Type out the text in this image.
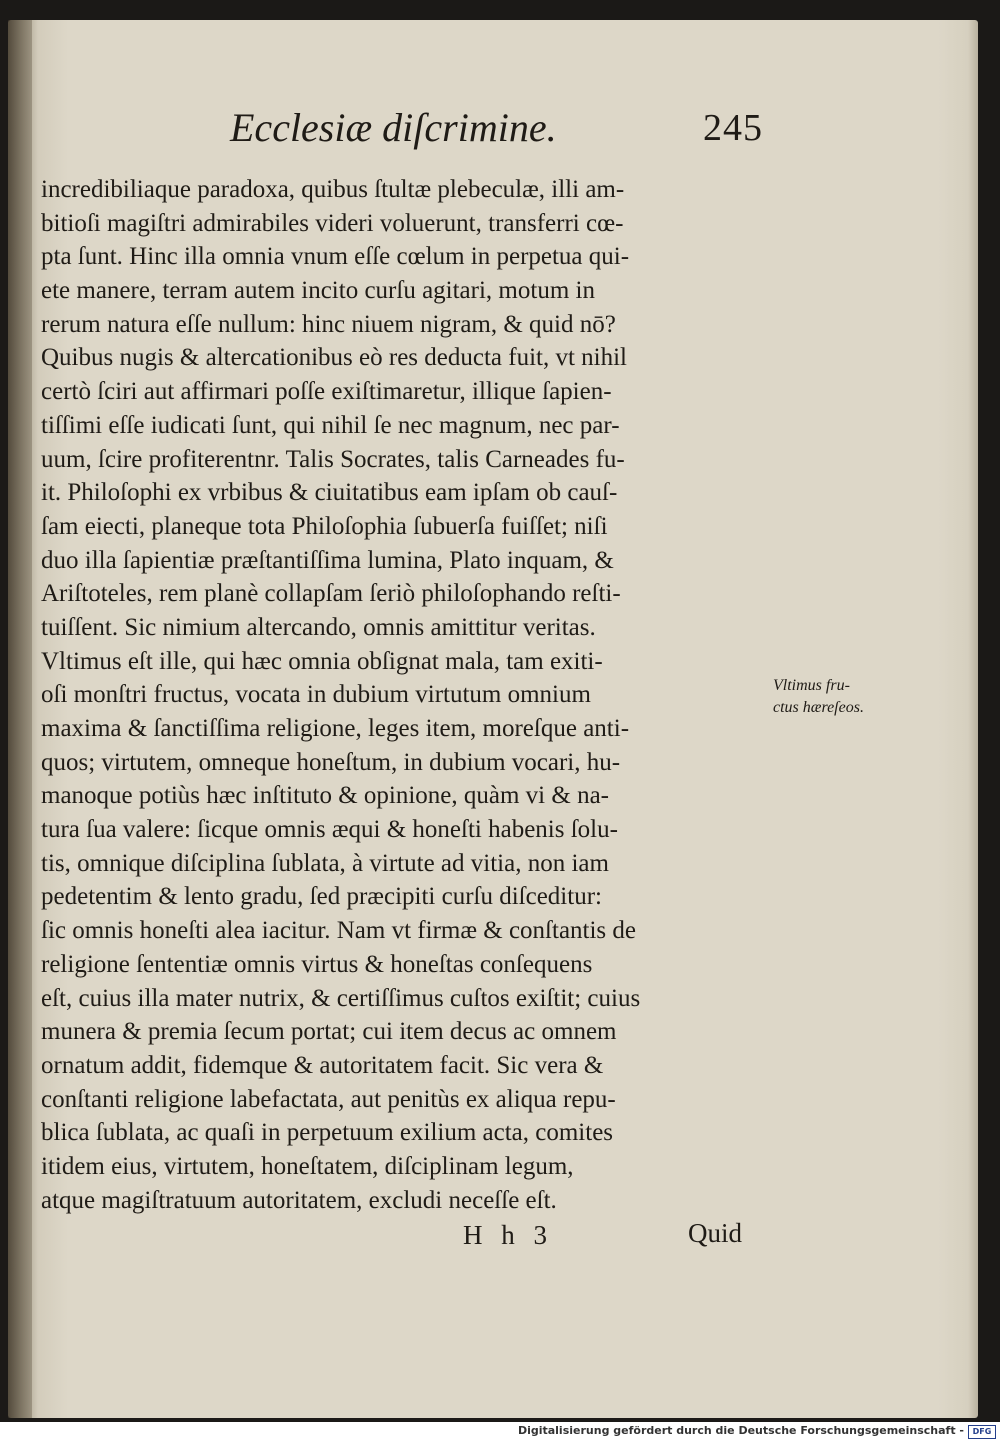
Ecclesiæ diſcrimine.	245
incredibiliaque paradoxa, quibus ſtultæ plebeculæ, illi am-
bitioſi magiſtri admirabiles videri voluerunt, transferri cœ-
pta ſunt. Hinc illa omnia vnum eſſe cœlum in perpetua qui-
ete manere, terram autem incito curſu agitari, motum in
rerum natura eſſe nullum: hinc niuem nigram, & quid nō?
Quibus nugis & altercationibus eò res deducta fuit, vt nihil
certò ſciri aut affirmari poſſe exiſtimaretur, illique ſapien-
tiſſimi eſſe iudicati ſunt, qui nihil ſe nec magnum, nec par-
uum, ſcire profiterentnr. Talis Socrates, talis Carneades fu-
it. Philoſophi ex vrbibus & ciuitatibus eam ipſam ob cauſ-
ſam eiecti, planeque tota Philoſophia ſubuerſa fuiſſet; niſi
duo illa ſapientiæ præſtantiſſima lumina, Plato inquam, &
Ariſtoteles, rem planè collapſam ſeriò philoſophando reſti-
tuiſſent. Sic nimium altercando, omnis amittitur veritas.
Vltimus eſt ille, qui hæc omnia obſignat mala, tam exiti-
oſi monſtri fructus, vocata in dubium virtutum omnium
maxima & ſanctiſſima religione, leges item, moreſque anti-
quos; virtutem, omneque honeſtum, in dubium vocari, hu-
manoque potiùs hæc inſtituto & opinione, quàm vi & na-
tura ſua valere: ſicque omnis æqui & honeſti habenis ſolu-
tis, omnique diſciplina ſublata, à virtute ad vitia, non iam
pedetentim & lento gradu, ſed præcipiti curſu diſceditur:
ſic omnis honeſti alea iacitur. Nam vt firmæ & conſtantis de
religione ſententiæ omnis virtus & honeſtas conſequens
eſt, cuius illa mater nutrix, & certiſſimus cuſtos exiſtit; cuius
munera & premia ſecum portat; cui item decus ac omnem
ornatum addit, fidemque & autoritatem facit. Sic vera &
conſtanti religione labefactata, aut penitùs ex aliqua repu-
blica ſublata, ac quaſi in perpetuum exilium acta, comites
itidem eius, virtutem, honeſtatem, diſciplinam legum,
atque magiſtratuum autoritatem, excludi neceſſe eſt.
Vltimus fru-
ctus hæreſeos.
H h 3	Quid
Digitalisierung gefördert durch die Deutsche Forschungsgemeinschaft -	DFG
